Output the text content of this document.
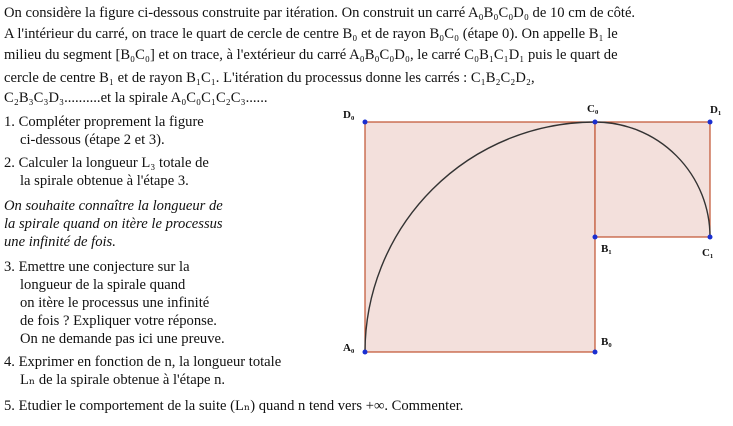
On considère la figure ci-dessous construite par itération. On construit un carré A₀B₀C₀D₀ de 10 cm de côté.
A l'intérieur du carré, on trace le quart de cercle de centre B₀ et de rayon B₀C₀ (étape 0). On appelle B₁ le
milieu du segment [B₀C₀] et on trace, à l'extérieur du carré A₀B₀C₀D₀, le carré C₀B₁C₁D₁ puis le quart de
cercle de centre B₁ et de rayon B₁C₁. L'itération du processus donne les carrés : C₁B₂C₂D₂,
C₂B₃C₃D₃..........et la spirale A₀C₀C₁C₂C₃......
1. Compléter proprement la figure
ci-dessous (étape 2 et 3).
2. Calculer la longueur L₃ totale de
la spirale obtenue à l'étape 3.
On souhaite connaître la longueur de
la spirale quand on itère le processus
une infinité de fois.
3. Emettre une conjecture sur la
longueur de la spirale quand
on itère le processus une infinité
de fois ? Expliquer votre réponse.
On ne demande pas ici une preuve.
4. Exprimer en fonction de n, la longueur totale
Lₙ de la spirale obtenue à l'étape n.
5. Etudier le comportement de la suite (Lₙ) quand n tend vers +∞. Commenter.
D₀	C₀	D₁
B₁	C₁
A₀	B₀
